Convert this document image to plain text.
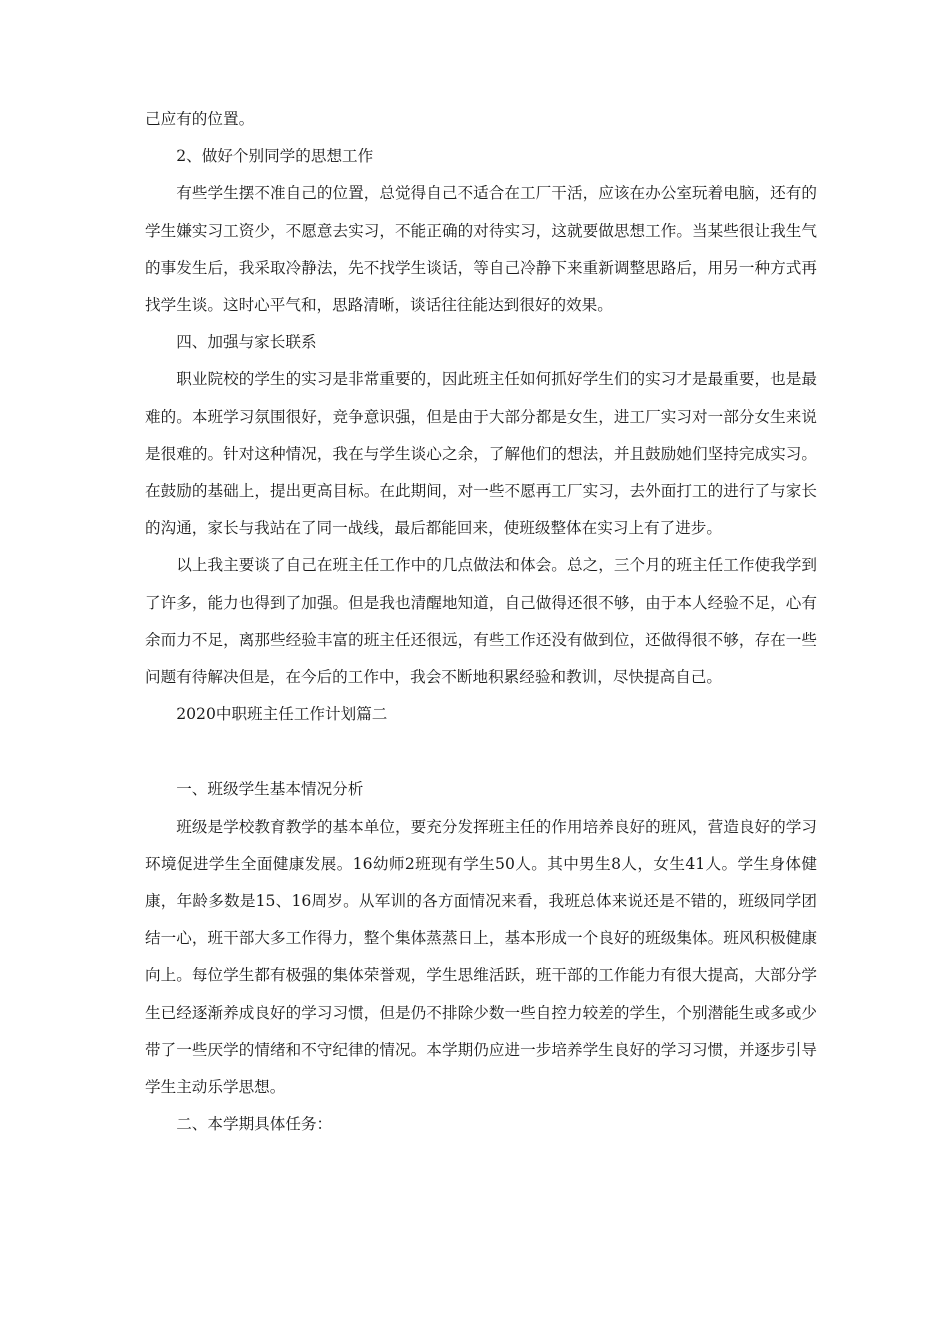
己应有的位置。

2、做好个别同学的思想工作

有些学生摆不准自己的位置，总觉得自己不适合在工厂干活，应该在办公室玩着电脑，还有的学生嫌实习工资少，不愿意去实习，不能正确的对待实习，这就要做思想工作。当某些很让我生气的事发生后，我采取冷静法，先不找学生谈话，等自己冷静下来重新调整思路后，用另一种方式再找学生谈。这时心平气和，思路清晰，谈话往往能达到很好的效果。

四、加强与家长联系

职业院校的学生的实习是非常重要的，因此班主任如何抓好学生们的实习才是最重要，也是最难的。本班学习氛围很好，竞争意识强，但是由于大部分都是女生，进工厂实习对一部分女生来说是很难的。针对这种情况，我在与学生谈心之余，了解他们的想法，并且鼓励她们坚持完成实习。在鼓励的基础上，提出更高目标。在此期间，对一些不愿再工厂实习，去外面打工的进行了与家长的沟通，家长与我站在了同一战线，最后都能回来，使班级整体在实习上有了进步。

以上我主要谈了自己在班主任工作中的几点做法和体会。总之，三个月的班主任工作使我学到了许多，能力也得到了加强。但是我也清醒地知道，自己做得还很不够，由于本人经验不足，心有余而力不足，离那些经验丰富的班主任还很远，有些工作还没有做到位，还做得很不够，存在一些问题有待解决但是，在今后的工作中，我会不断地积累经验和教训，尽快提高自己。

2020中职班主任工作计划篇二

一、班级学生基本情况分析

班级是学校教育教学的基本单位，要充分发挥班主任的作用培养良好的班风，营造良好的学习环境促进学生全面健康发展。16幼师2班现有学生50人。其中男生8人，女生41人。学生身体健康，年龄多数是15、16周岁。从军训的各方面情况来看，我班总体来说还是不错的，班级同学团结一心，班干部大多工作得力，整个集体蒸蒸日上，基本形成一个良好的班级集体。班风积极健康向上。每位学生都有极强的集体荣誉观，学生思维活跃，班干部的工作能力有很大提高，大部分学生已经逐渐养成良好的学习习惯，但是仍不排除少数一些自控力较差的学生，个别潜能生或多或少带了一些厌学的情绪和不守纪律的情况。本学期仍应进一步培养学生良好的学习习惯，并逐步引导学生主动乐学思想。

二、本学期具体任务：
